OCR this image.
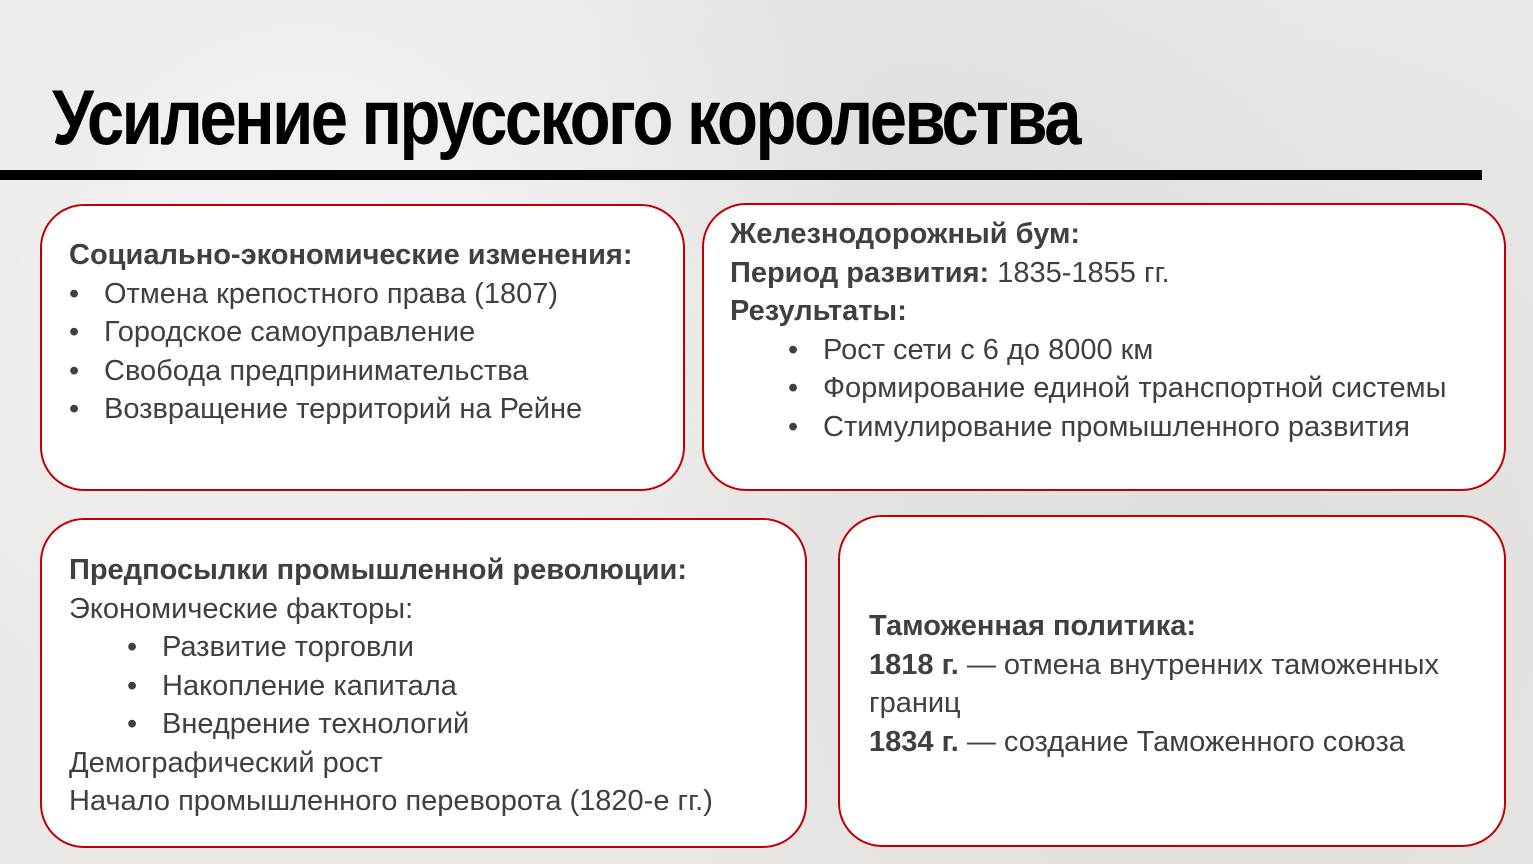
Усиление прусского королевства
Социально-экономические изменения:
• Отмена крепостного права (1807)
• Городское самоуправление
• Свобода предпринимательства
• Возвращение территорий на Рейне
Железнодорожный бум:
Период развития: 1835-1855 гг.
Результаты:
• Рост сети с 6 до 8000 км
• Формирование единой транспортной системы
• Стимулирование промышленного развития
Предпосылки промышленной революции:
Экономические факторы:
• Развитие торговли
• Накопление капитала
• Внедрение технологий
Демографический рост
Начало промышленного переворота (1820-е гг.)
Таможенная политика:
1818 г. — отмена внутренних таможенных границ
1834 г. — создание Таможенного союза
